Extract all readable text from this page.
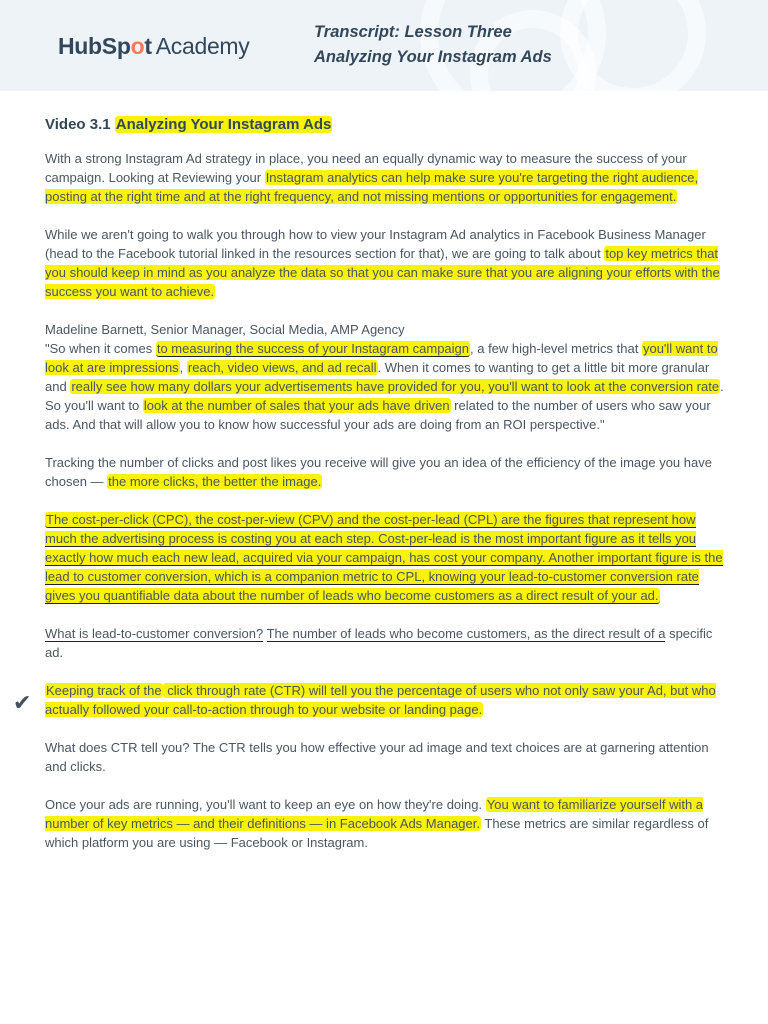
HubSpot Academy
Transcript: Lesson Three
Analyzing Your Instagram Ads
Video 3.1 Analyzing Your Instagram Ads

With a strong Instagram Ad strategy in place, you need an equally dynamic way to measure the success of your campaign. Looking at Reviewing your Instagram analytics can help make sure you're targeting the right audience, posting at the right time and at the right frequency, and not missing mentions or opportunities for engagement.

While we aren't going to walk you through how to view your Instagram Ad analytics in Facebook Business Manager (head to the Facebook tutorial linked in the resources section for that), we are going to talk about top key metrics that you should keep in mind as you analyze the data so that you can make sure that you are aligning your efforts with the success you want to achieve.

Madeline Barnett, Senior Manager, Social Media, AMP Agency
"So when it comes to measuring the success of your Instagram campaign, a few high-level metrics that you'll want to look at are impressions, reach, video views, and ad recall. When it comes to wanting to get a little bit more granular and really see how many dollars your advertisements have provided for you, you'll want to look at the conversion rate. So you'll want to look at the number of sales that your ads have driven related to the number of users who saw your ads. And that will allow you to know how successful your ads are doing from an ROI perspective."

Tracking the number of clicks and post likes you receive will give you an idea of the efficiency of the image you have chosen — the more clicks, the better the image.

The cost-per-click (CPC), the cost-per-view (CPV) and the cost-per-lead (CPL) are the figures that represent how much the advertising process is costing you at each step. Cost-per-lead is the most important figure as it tells you exactly how much each new lead, acquired via your campaign, has cost your company. Another important figure is the lead to customer conversion, which is a companion metric to CPL, knowing your lead-to-customer conversion rate gives you quantifiable data about the number of leads who become customers as a direct result of your ad.

What is lead-to-customer conversion? The number of leads who become customers, as the direct result of a specific ad.

Keeping track of the click through rate (CTR) will tell you the percentage of users who not only saw your Ad, but who actually followed your call-to-action through to your website or landing page.

What does CTR tell you? The CTR tells you how effective your ad image and text choices are at garnering attention and clicks.

Once your ads are running, you'll want to keep an eye on how they're doing. You want to familiarize yourself with a number of key metrics — and their definitions — in Facebook Ads Manager. These metrics are similar regardless of which platform you are using — Facebook or Instagram.

✔
